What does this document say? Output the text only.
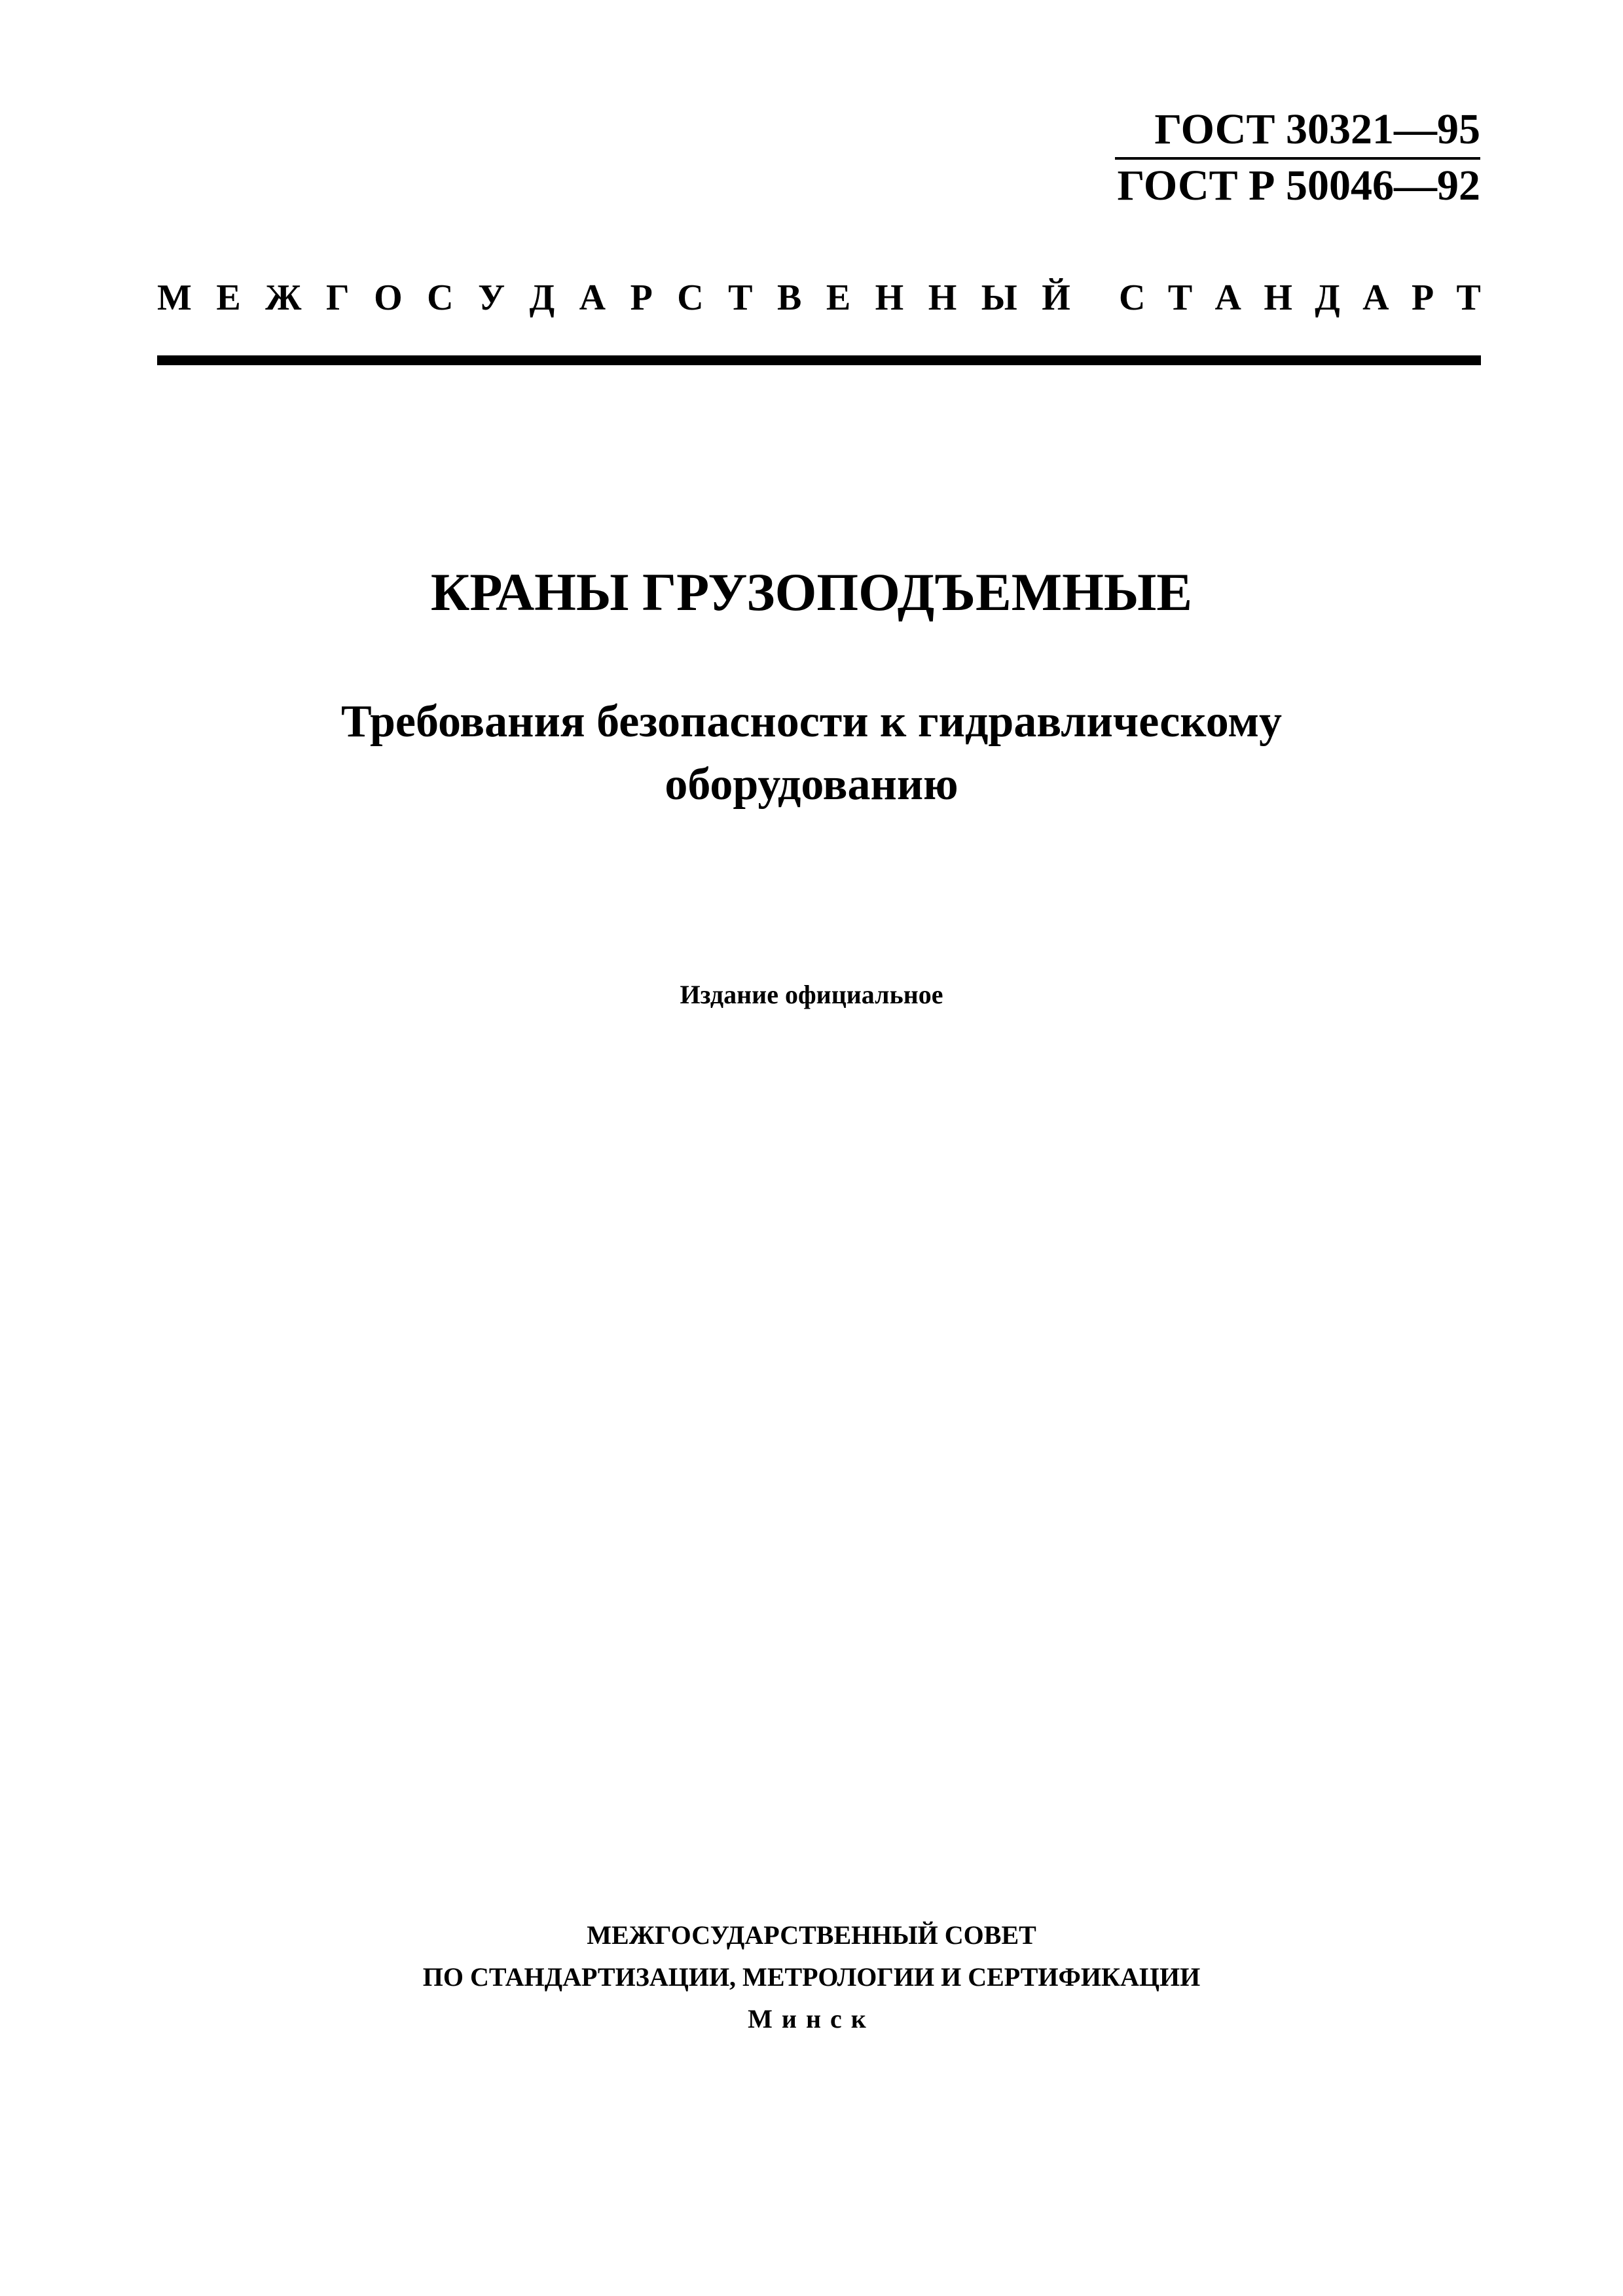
ГОСТ 30321—95
ГОСТ Р 50046—92
М Е Ж Г О С У Д А Р С Т В Е Н Н Ы Й С Т А Н Д А Р Т
КРАНЫ ГРУЗОПОДЪЕМНЫЕ
Требования безопасности к гидравлическому
оборудованию
Издание официальное
МЕЖГОСУДАРСТВЕННЫЙ СОВЕТ
ПО СТАНДАРТИЗАЦИИ, МЕТРОЛОГИИ И СЕРТИФИКАЦИИ
Минск
